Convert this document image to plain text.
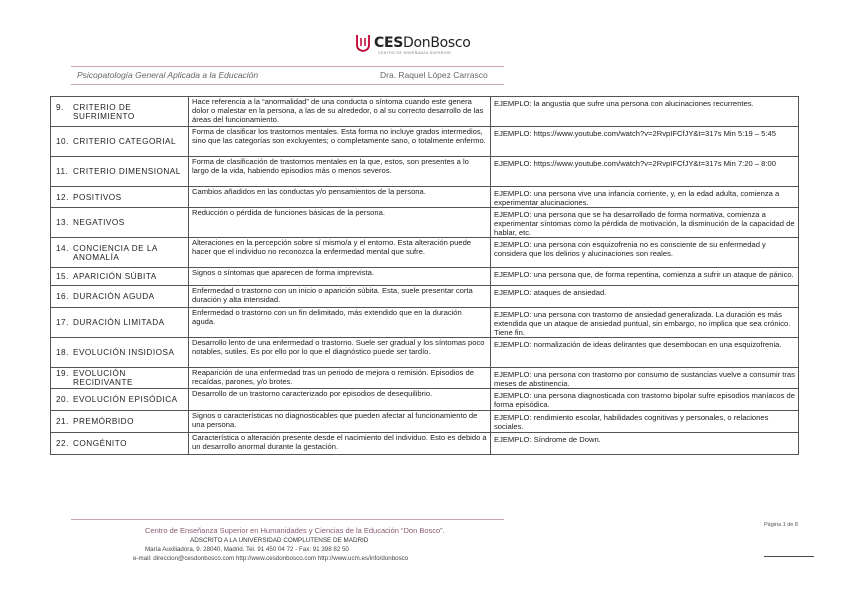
CESDonBosco
CENTRO DE ENSEÑANZA SUPERIOR
Psicopatología General Aplicada a la Educación	Dra. Raquel López Carrasco
9. CRITERIO DE SUFRIMIENTO	Hace referencia a la “anormalidad” de una conducta o síntoma cuando este genera dolor o malestar en la persona, a las de su alrededor, o al su correcto desarrollo de las áreas del funcionamiento.	EJEMPLO: la angustia que sufre una persona con alucinaciones recurrentes.
10. CRITERIO CATEGORIAL	Forma de clasificar los trastornos mentales. Esta forma no incluye grados intermedios, sino que las categorías son excluyentes; o completamente sano, o totalmente enfermo.	EJEMPLO: https://www.youtube.com/watch?v=2RvpIFCfJY&t=317s Min 5:19 – 5:45
11. CRITERIO DIMENSIONAL	Forma de clasificación de trastornos mentales en la que, estos, son presentes a lo largo de la vida, habiendo episodios más o menos severos.	EJEMPLO: https://www.youtube.com/watch?v=2RvpIFCfJY&t=317s Min 7:20 – 8:00
12. POSITIVOS	Cambios añadidos en las conductas y/o pensamientos de la persona.	EJEMPLO: una persona vive una infancia corriente, y, en la edad adulta, comienza a experimentar alucinaciones.
13. NEGATIVOS	Reducción o pérdida de funciones básicas de la persona.	EJEMPLO: una persona que se ha desarrollado de forma normativa, comienza a experimentar síntomas como la pérdida de motivación, la disminución de la capacidad de hablar, etc.
14. CONCIENCIA DE LA ANOMALÍA	Alteraciones en la percepción sobre sí mismo/a y el entorno. Esta alteración puede hacer que el individuo no reconozca la enfermedad mental que sufre.	EJEMPLO: una persona con esquizofrenia no es consciente de su enfermedad y considera que los delirios y alucinaciones son reales.
15. APARICIÓN SÚBITA	Signos o síntomas que aparecen de forma imprevista.	EJEMPLO: una persona que, de forma repentina, comienza a sufrir un ataque de pánico.
16. DURACIÓN AGUDA	Enfermedad o trastorno con un inicio o aparición súbita. Esta, suele presentar corta duración y alta intensidad.	EJEMPLO: ataques de ansiedad.
17. DURACIÓN LIMITADA	Enfermedad o trastorno con un fin delimitado, más extendido que en la duración aguda.	EJEMPLO: una persona con trastorno de ansiedad generalizada. La duración es más extendida que un ataque de ansiedad puntual, sin embargo, no implica que sea crónico. Tiene fin.
18. EVOLUCIÓN INSIDIOSA	Desarrollo lento de una enfermedad o trastorno. Suele ser gradual y los síntomas poco notables, sutiles. Es por ello por lo que el diagnóstico puede ser tardío.	EJEMPLO: normalización de ideas delirantes que desembocan en una esquizofrenia.
19. EVOLUCIÓN RECIDIVANTE	Reaparición de una enfermedad tras un periodo de mejora o remisión. Episodios de recaídas, parones, y/o brotes.	EJEMPLO: una persona con trastorno por consumo de sustancias vuelve a consumir tras meses de abstinencia.
20. EVOLUCIÓN EPISÓDICA	Desarrollo de un trastorno caracterizado por episodios de desequilibrio.	EJEMPLO: una persona diagnosticada con trastorno bipolar sufre episodios maníacos de forma episódica.
21. PREMÓRBIDO	Signos o características no diagnosticables que pueden afectar al funcionamiento de una persona.	EJEMPLO: rendimiento escolar, habilidades cognitivas y personales, o relaciones sociales.
22. CONGÉNITO	Característica o alteración presente desde el nacimiento del individuo. Esto es debido a un desarrollo anormal durante la gestación.	EJEMPLO: Síndrome de Down.
Centro de Enseñanza Superior en Humanidades y Ciencias de la Educación “Don Bosco”.
ADSCRITO A LA UNIVERSIDAD COMPLUTENSE DE MADRID
María Auxiliadora, 9. 28040, Madrid. Tel. 91 450 04 72 - Fax: 91 398 82 50
e-mail: direccion@cesdonbosco.com http://www.cesdonbosco.com http://www.ucm.es/info/donbosco
Página 1 de 8
